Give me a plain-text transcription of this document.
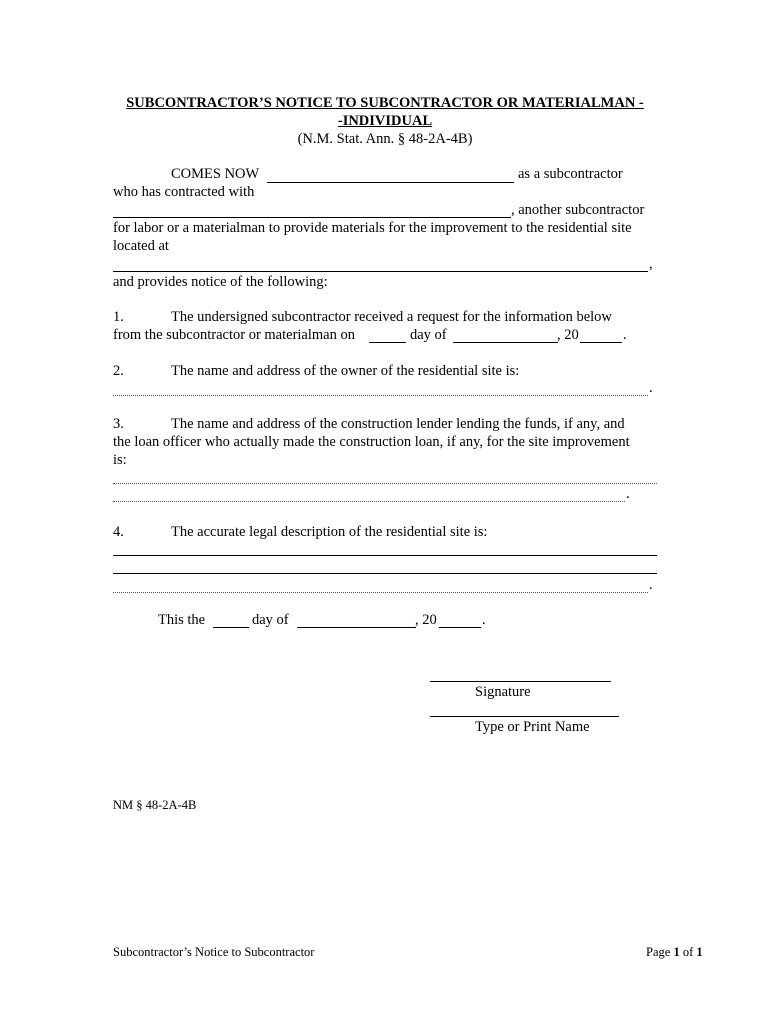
SUBCONTRACTOR’S NOTICE TO SUBCONTRACTOR OR MATERIALMAN -
-INDIVIDUAL
(N.M. Stat. Ann. § 48-2A-4B)
COMES NOW	as a subcontractor
who has contracted with
, another subcontractor
for labor or a materialman to provide materials for the improvement to the residential site
located at
,
and provides notice of the following:
1.	The undersigned subcontractor received a request for the information below
from the subcontractor or materialman on	day of	, 20	.
2.	The name and address of the owner of the residential site is:
.
3.	The name and address of the construction lender lending the funds, if any, and
the loan officer who actually made the construction loan, if any, for the site improvement
is:
.
4.	The accurate legal description of the residential site is:
.
This the	day of	, 20	.
Signature
Type or Print Name
NM § 48-2A-4B
Subcontractor’s Notice to Subcontractor	Page 1 of 1
